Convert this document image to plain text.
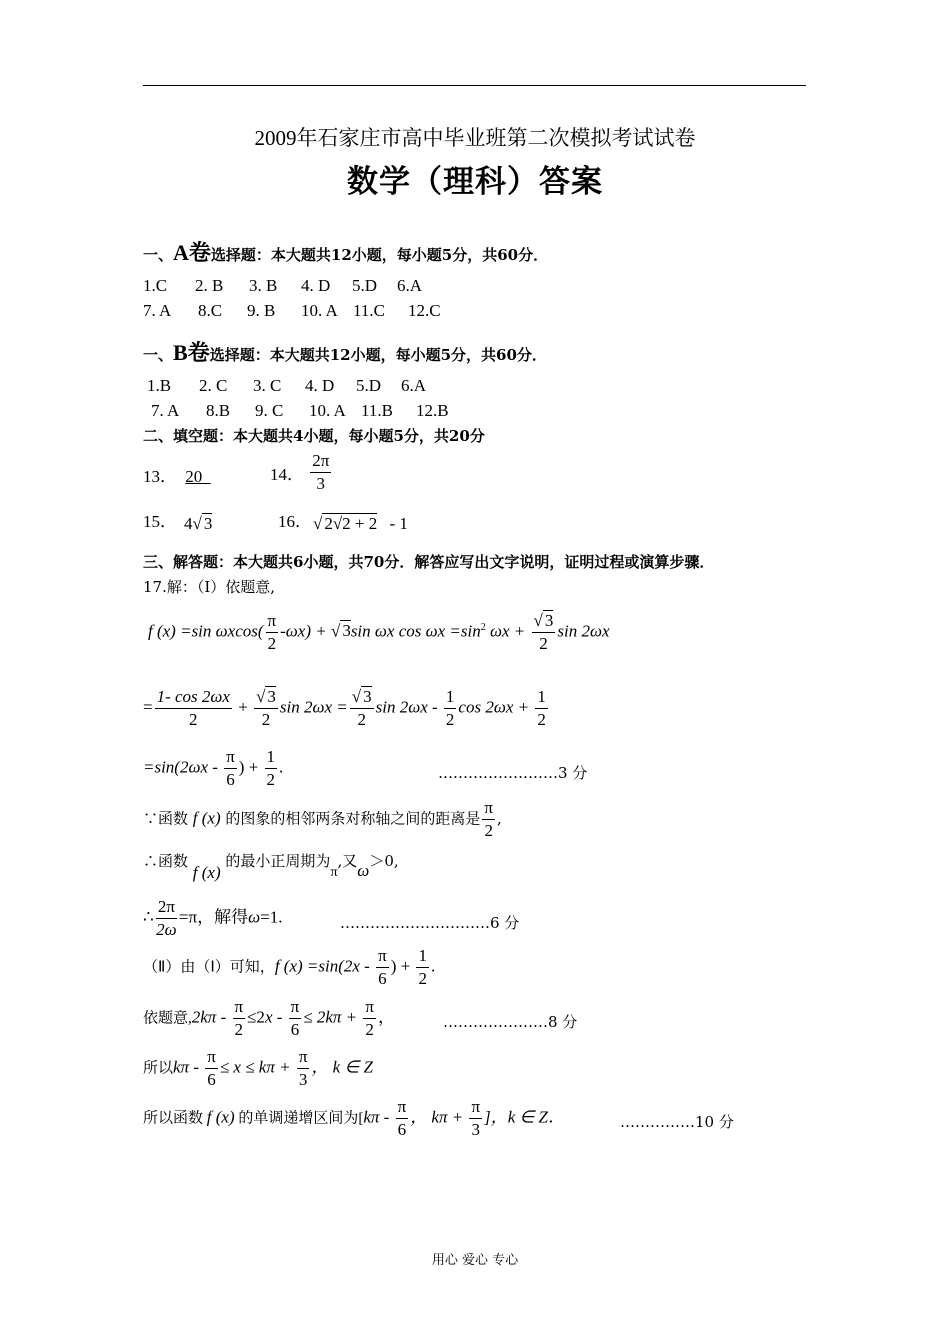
2009年石家庄市高中毕业班第二次模拟考试试卷
数学（理科）答案
一、A卷选择题：本大题共12小题，每小题5分，共60分．
1.C 2. B 3. B 4. D 5.D 6.A
7. A 8.C 9. B 10. A 11.C 12.C
一、B卷选择题：本大题共12小题，每小题5分，共60分．
1.B 2. C 3. C 4. D 5.D 6.A
7. A 8.B 9. C 10. A 11.B 12.B
二、填空题：本大题共4小题，每小题5分，共20分
13． 20	14． $\frac{2\pi}{3}$
15． 4√ 3	16． √ 2√2 + 2 - 1
三、解答题：本大题共6小题，共70分．解答应写出文字说明，证明过程或演算步骤．
17.解：（Ⅰ）依题意,
f (x) =sin $\omega xcos( \frac{\pi}{2} -\omega x)$ + √ 3sin ωx $\cos \omega x =\sin^2$ $\omega x + \frac{√ 3}{2}$ sin 2ωx
= $\frac{1- \cos 2\omega x}{2} + \frac{√ 3}{2}$ $\sin 2\omega x = \frac{√ 3}{2}$ $\sin 2\omega x - \frac{1}{2}$ $\cos 2\omega x + \frac{1}{2}$
$=\sin(2\omega x - \frac{\pi}{6}$ ) + $\frac{1}{2}$ .	……………………3 分
∵函数 f (x) 的图象的相邻两条对称轴之间的距离是 $\frac{\pi}{2}$ ,
∴函数 f (x) 的最小正周期为π,又ω＞0,
∴ $\frac{2\pi}{2\omega} =\pi$，解得ω=1.	…………………………6 分
（Ⅱ）由（Ⅰ）可知，f $(x) =\sin(2x - \frac{\pi}{6}$ ) + $\frac{1}{2}$ .
依题意$,2k\pi - \frac{\pi}{2} \le 2x - \frac{\pi}{6} \le 2k\pi + \frac{\pi}{2}$ ，	…………………8 分
所以$k\pi - \frac{\pi}{6} \le x \le k\pi + \frac{\pi}{3}$ ， k ∈ Z
所以函数 f (x) 的单调递增区间为[$k\pi - \frac{\pi}{6}$ ， $k\pi + \frac{\pi}{3}$ ]，k ∈ Z．	……………10 分
用心 爱心 专心
